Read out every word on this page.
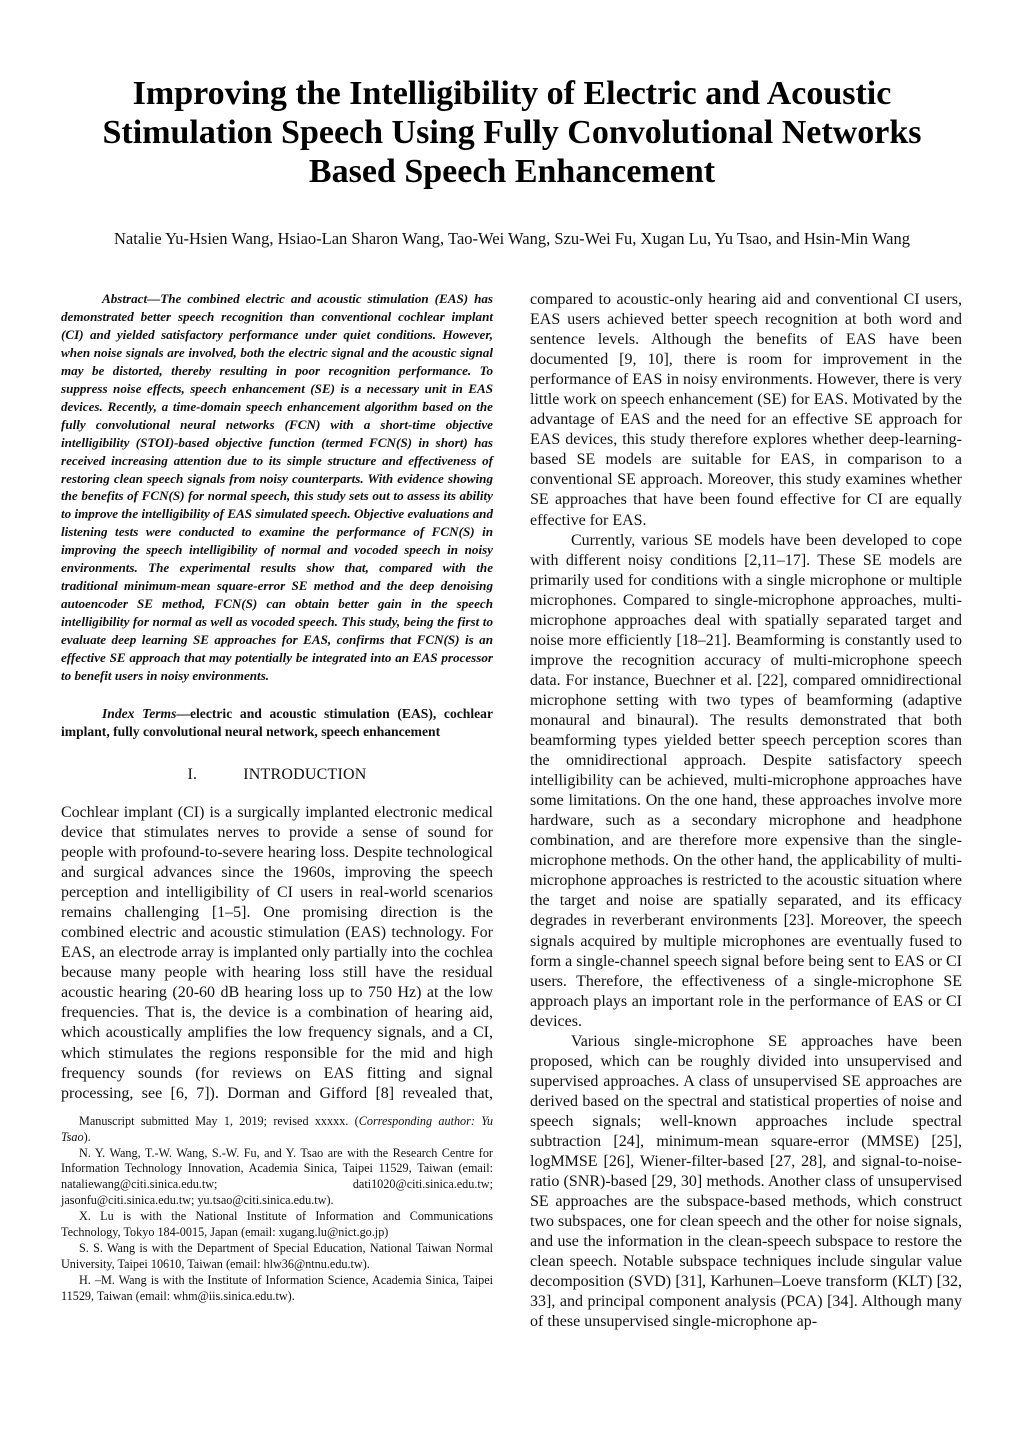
Improving the Intelligibility of Electric and Acoustic Stimulation Speech Using Fully Convolutional Networks Based Speech Enhancement
Natalie Yu-Hsien Wang, Hsiao-Lan Sharon Wang, Tao-Wei Wang, Szu-Wei Fu, Xugan Lu, Yu Tsao, and Hsin-Min Wang

Abstract—The combined electric and acoustic stimulation (EAS) has demonstrated better speech recognition than conventional cochlear implant (CI) and yielded satisfactory performance under quiet conditions. However, when noise signals are involved, both the electric signal and the acoustic signal may be distorted, thereby resulting in poor recognition performance. To suppress noise effects, speech enhancement (SE) is a necessary unit in EAS devices. Recently, a time-domain speech enhancement algorithm based on the fully convolutional neural networks (FCN) with a short-time objective intelligibility (STOI)-based objective function (termed FCN(S) in short) has received increasing attention due to its simple structure and effectiveness of restoring clean speech signals from noisy counterparts. With evidence showing the benefits of FCN(S) for normal speech, this study sets out to assess its ability to improve the intelligibility of EAS simulated speech. Objective evaluations and listening tests were conducted to examine the performance of FCN(S) in improving the speech intelligibility of normal and vocoded speech in noisy environments. The experimental results show that, compared with the traditional minimum-mean square-error SE method and the deep denoising autoencoder SE method, FCN(S) can obtain better gain in the speech intelligibility for normal as well as vocoded speech. This study, being the first to evaluate deep learning SE approaches for EAS, confirms that FCN(S) is an effective SE approach that may potentially be integrated into an EAS processor to benefit users in noisy environments.

Index Terms—electric and acoustic stimulation (EAS), cochlear implant, fully convolutional neural network, speech enhancement

I.	INTRODUCTION
Cochlear implant (CI) is a surgically implanted electronic medical device that stimulates nerves to provide a sense of sound for people with profound-to-severe hearing loss. Despite technological and surgical advances since the 1960s, improving the speech perception and intelligibility of CI users in real-world scenarios remains challenging [1–5]. One promising direction is the combined electric and acoustic stimulation (EAS) technology. For EAS, an electrode array is implanted only partially into the cochlea because many people with hearing loss still have the residual acoustic hearing (20-60 dB hearing loss up to 750 Hz) at the low frequencies. That is, the device is a combination of hearing aid, which acoustically amplifies the low frequency signals, and a CI, which stimulates the regions responsible for the mid and high frequency sounds (for reviews on EAS fitting and signal processing, see [6, 7]). Dorman and Gifford [8] revealed that,

Manuscript submitted May 1, 2019; revised xxxxx. (Corresponding author: Yu Tsao).

N. Y. Wang, T.-W. Wang, S.-W. Fu, and Y. Tsao are with the Research Centre for Information Technology Innovation, Academia Sinica, Taipei 11529, Taiwan (email: nataliewang@citi.sinica.edu.tw; dati1020@citi.sinica.edu.tw; jasonfu@citi.sinica.edu.tw; yu.tsao@citi.sinica.edu.tw).

X. Lu is with the National Institute of Information and Communications Technology, Tokyo 184-0015, Japan (email: xugang.lu@nict.go.jp)

S. S. Wang is with the Department of Special Education, National Taiwan Normal University, Taipei 10610, Taiwan (email: hlw36@ntnu.edu.tw).

H. –M. Wang is with the Institute of Information Science, Academia Sinica, Taipei 11529, Taiwan (email: whm@iis.sinica.edu.tw).

compared to acoustic-only hearing aid and conventional CI users, EAS users achieved better speech recognition at both word and sentence levels. Although the benefits of EAS have been documented [9, 10], there is room for improvement in the performance of EAS in noisy environments. However, there is very little work on speech enhancement (SE) for EAS. Motivated by the advantage of EAS and the need for an effective SE approach for EAS devices, this study therefore explores whether deep-learning-based SE models are suitable for EAS, in comparison to a conventional SE approach. Moreover, this study examines whether SE approaches that have been found effective for CI are equally effective for EAS.

Currently, various SE models have been developed to cope with different noisy conditions [2,11–17]. These SE models are primarily used for conditions with a single microphone or multiple microphones. Compared to single-microphone approaches, multi-microphone approaches deal with spatially separated target and noise more efficiently [18–21]. Beamforming is constantly used to improve the recognition accuracy of multi-microphone speech data. For instance, Buechner et al. [22], compared omnidirectional microphone setting with two types of beamforming (adaptive monaural and binaural). The results demonstrated that both beamforming types yielded better speech perception scores than the omnidirectional approach. Despite satisfactory speech intelligibility can be achieved, multi-microphone approaches have some limitations. On the one hand, these approaches involve more hardware, such as a secondary microphone and headphone combination, and are therefore more expensive than the single-microphone methods. On the other hand, the applicability of multi-microphone approaches is restricted to the acoustic situation where the target and noise are spatially separated, and its efficacy degrades in reverberant environments [23]. Moreover, the speech signals acquired by multiple microphones are eventually fused to form a single-channel speech signal before being sent to EAS or CI users. Therefore, the effectiveness of a single-microphone SE approach plays an important role in the performance of EAS or CI devices.

Various single-microphone SE approaches have been proposed, which can be roughly divided into unsupervised and supervised approaches. A class of unsupervised SE approaches are derived based on the spectral and statistical properties of noise and speech signals; well-known approaches include spectral subtraction [24], minimum-mean square-error (MMSE) [25], logMMSE [26], Wiener-filter-based [27, 28], and signal-to-noise-ratio (SNR)-based [29, 30] methods. Another class of unsupervised SE approaches are the subspace-based methods, which construct two subspaces, one for clean speech and the other for noise signals, and use the information in the clean-speech subspace to restore the clean speech. Notable subspace techniques include singular value decomposition (SVD) [31], Karhunen–Loeve transform (KLT) [32, 33], and principal component analysis (PCA) [34]. Although many of these unsupervised single-microphone ap-
